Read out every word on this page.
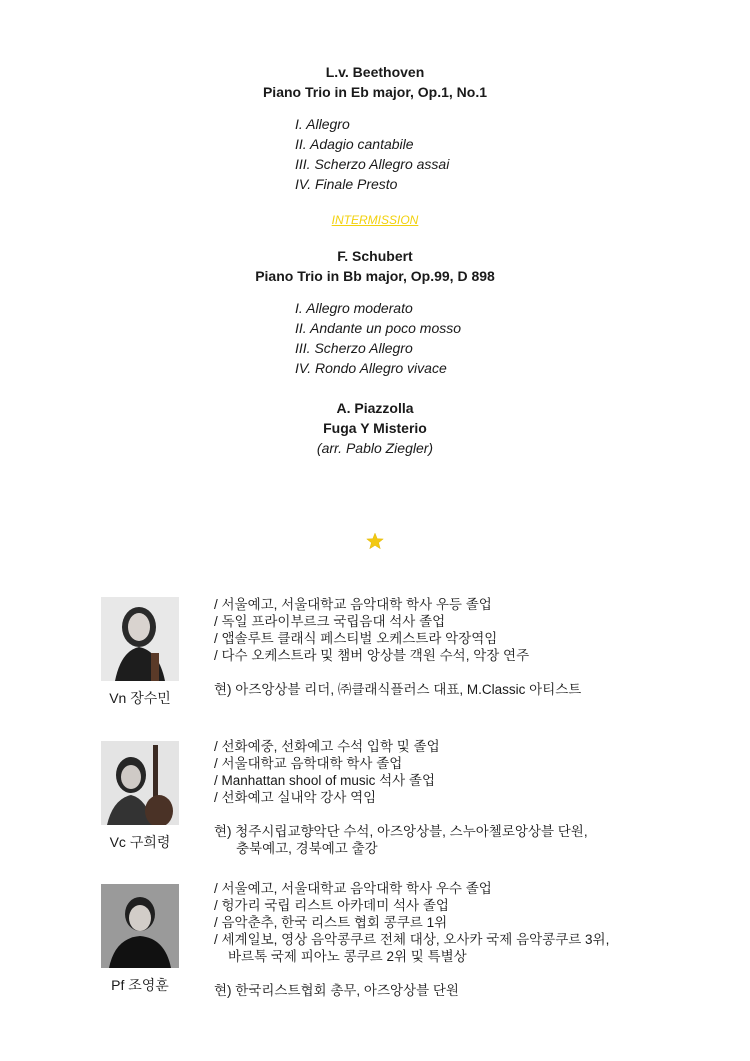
L.v. Beethoven
Piano Trio in Eb major, Op.1, No.1
I. Allegro
II. Adagio cantabile
III. Scherzo Allegro assai
IV. Finale Presto
INTERMISSION
F. Schubert
Piano Trio in Bb major, Op.99, D 898
I. Allegro moderato
II. Andante un poco mosso
III. Scherzo Allegro
IV. Rondo Allegro vivace
A. Piazzolla
Fuga Y Misterio
(arr. Pablo Ziegler)
Vn 장수민
/ 서울예고, 서울대학교 음악대학 학사 우등 졸업
/ 독일 프라이부르크 국립음대 석사 졸업
/ 앱솔루트 클래식 페스티벌 오케스트라 악장역임
/ 다수 오케스트라 및 챔버 앙상블 객원 수석, 악장 연주
현) 아즈앙상블 리더, ㈜클래식플러스 대표, M.Classic 아티스트
Vc 구희령
/ 선화예중, 선화예고 수석 입학 및 졸업
/ 서울대학교 음학대학 학사 졸업
/ Manhattan shool of music 석사 졸업
/ 선화예고 실내악 강사 역임
현) 청주시립교향악단 수석, 아즈앙상블, 스누아첼로앙상블 단원,
충북예고, 경북예고 출강
Pf 조영훈
/ 서울예고, 서울대학교 음악대학 학사 우수 졸업
/ 헝가리 국립 리스트 아카데미 석사 졸업
/ 음악춘추, 한국 리스트 협회 콩쿠르 1위
/ 세계일보, 영상 음악콩쿠르 전체 대상, 오사카 국제 음악콩쿠르 3위,
바르톡 국제 피아노 콩쿠르 2위 및 특별상
현) 한국리스트협회 총무, 아즈앙상블 단원
